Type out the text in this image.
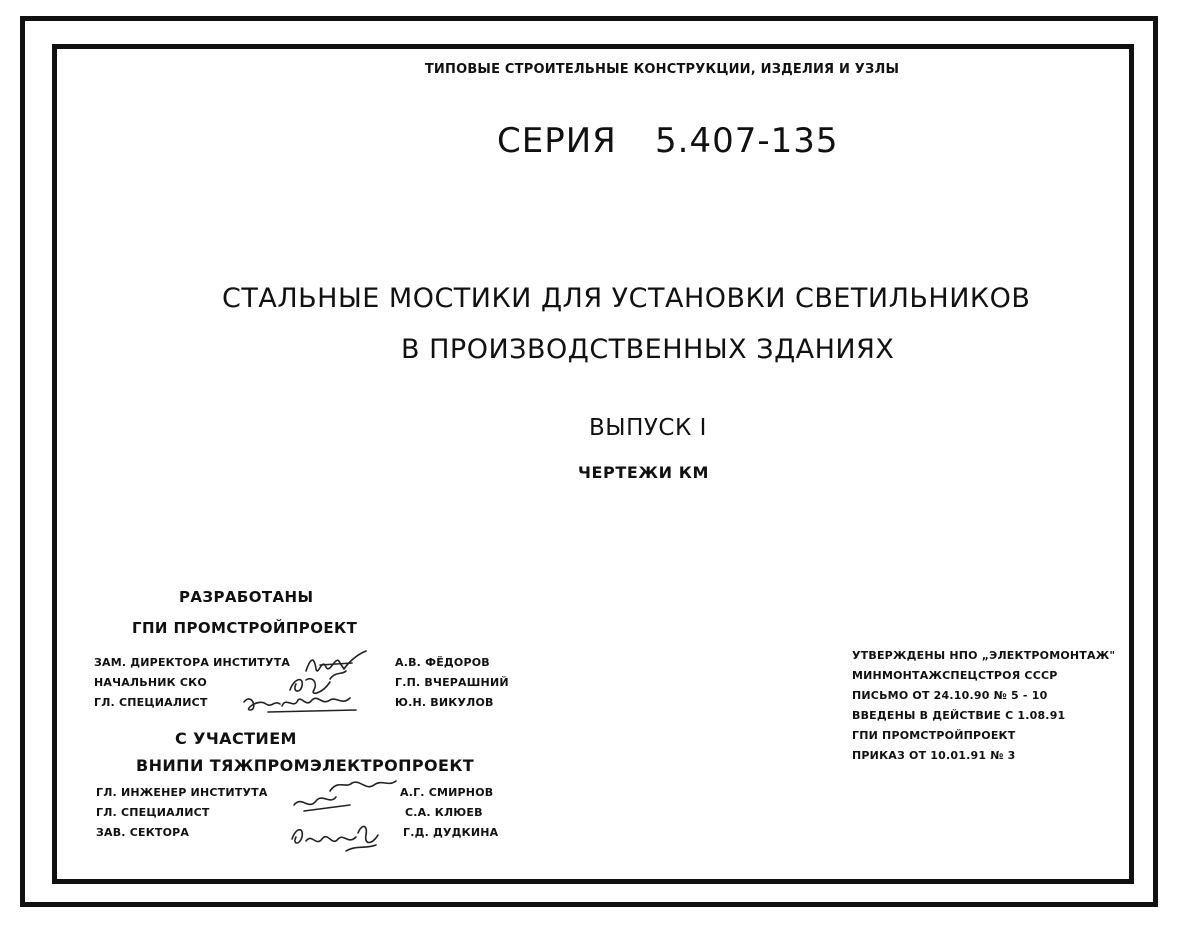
ТИПОВЫЕ СТРОИТЕЛЬНЫЕ КОНСТРУКЦИИ, ИЗДЕЛИЯ И УЗЛЫ
СЕРИЯ 5.407-135
СТАЛЬНЫЕ МОСТИКИ ДЛЯ УСТАНОВКИ СВЕТИЛЬНИКОВ
В ПРОИЗВОДСТВЕННЫХ ЗДАНИЯХ
ВЫПУСК I
ЧЕРТЕЖИ КМ
РАЗРАБОТАНЫ
ГПИ ПРОМСТРОЙПРОЕКТ
ЗАМ. ДИРЕКТОРА ИНСТИТУТА	А.В. ФЁДОРОВ
НАЧАЛЬНИК СКО	Г.П. ВЧЕРАШНИЙ
ГЛ. СПЕЦИАЛИСТ	Ю.Н. ВИКУЛОВ
С УЧАСТИЕМ
ВНИПИ ТЯЖПРОМЭЛЕКТРОПРОЕКТ
ГЛ. ИНЖЕНЕР ИНСТИТУТА	А.Г. СМИРНОВ
ГЛ. СПЕЦИАЛИСТ	С.А. КЛЮЕВ
ЗАВ. СЕКТОРА	Г.Д. ДУДКИНА
УТВЕРЖДЕНЫ НПО „ЭЛЕКТРОМОНТАЖ"
МИНМОНТАЖСПЕЦСТРОЯ СССР
ПИСЬМО ОТ 24.10.90 № 5 - 10
ВВЕДЕНЫ В ДЕЙСТВИЕ С 1.08.91
ГПИ ПРОМСТРОЙПРОЕКТ
ПРИКАЗ ОТ 10.01.91 № 3
